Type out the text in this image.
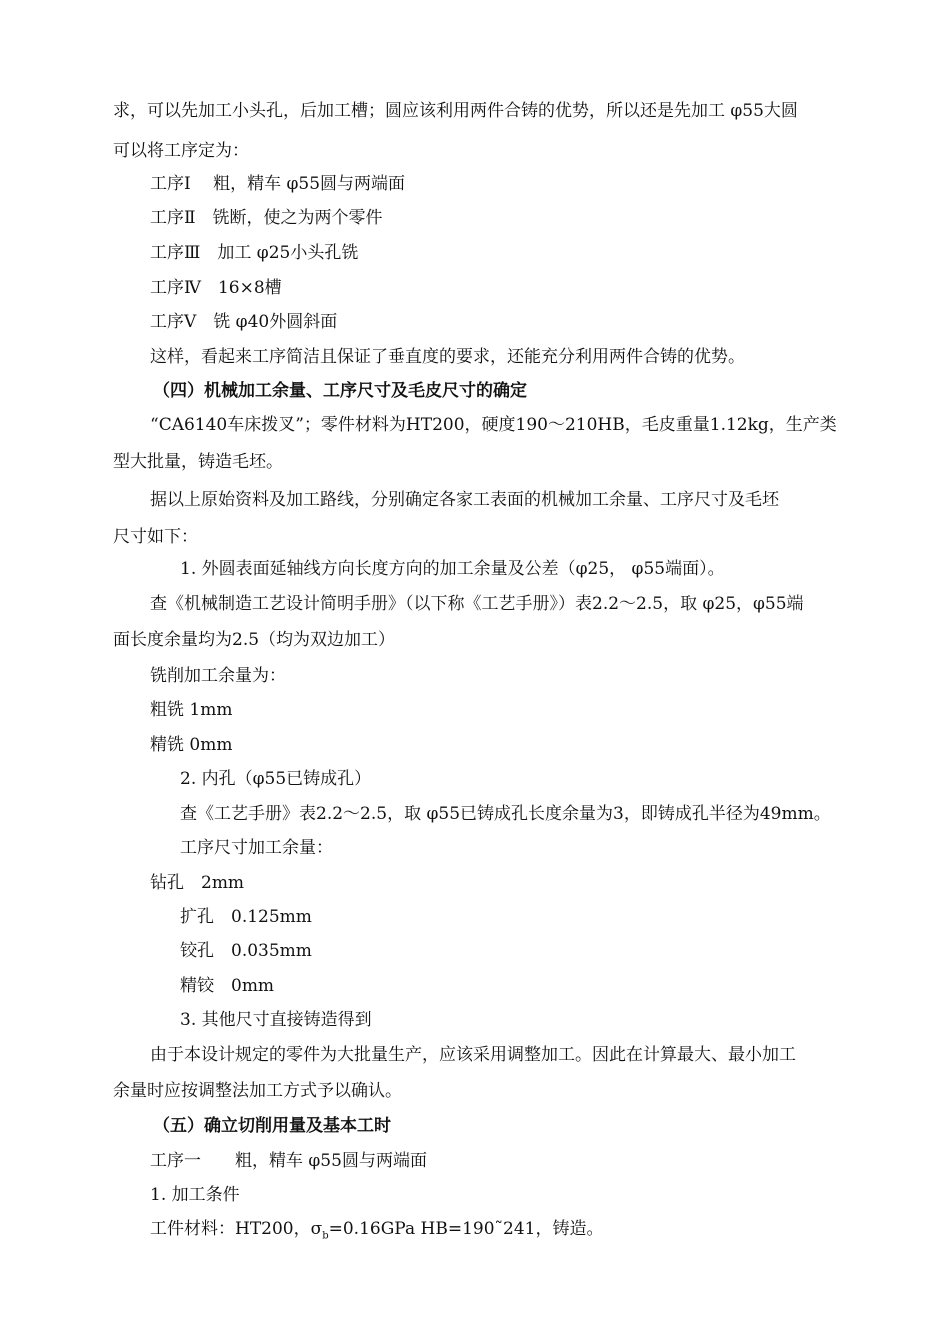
求，可以先加工小头孔，后加工槽；圆应该利用两件合铸的优势，所以还是先加工 φ55大圆
可以将工序定为：
工序Ⅰ　 粗，精车 φ55圆与两端面
工序Ⅱ　铣断，使之为两个零件
工序Ⅲ　加工 φ25小头孔铣
工序Ⅳ　16×8槽
工序Ⅴ　铣 φ40外圆斜面
这样，看起来工序简洁且保证了垂直度的要求，还能充分利用两件合铸的优势。
（四）机械加工余量、工序尺寸及毛皮尺寸的确定
“CA6140车床拨叉”；零件材料为HT200，硬度190～210HB，毛皮重量1.12kg，生产类
型大批量，铸造毛坯。
据以上原始资料及加工路线，分别确定各家工表面的机械加工余量、工序尺寸及毛坯
尺寸如下：
1. 外圆表面延轴线方向长度方向的加工余量及公差（φ25， φ55端面）。
查《机械制造工艺设计简明手册》（以下称《工艺手册》）表2.2～2.5，取 φ25，φ55端
面长度余量均为2.5（均为双边加工）
铣削加工余量为：
粗铣 1mm
精铣 0mm
2. 内孔（φ55已铸成孔）
查《工艺手册》表2.2～2.5，取 φ55已铸成孔长度余量为3，即铸成孔半径为49mm。
工序尺寸加工余量：
钻孔　2mm
扩孔　0.125mm
铰孔　0.035mm
精铰　0mm
3. 其他尺寸直接铸造得到
由于本设计规定的零件为大批量生产，应该采用调整加工。因此在计算最大、最小加工
余量时应按调整法加工方式予以确认。
（五）确立切削用量及基本工时
工序一　　粗，精车 φ55圆与两端面
1. 加工条件
工件材料：HT200，$\sigma_b=0.16GPa$ HB=190˜241，铸造。
